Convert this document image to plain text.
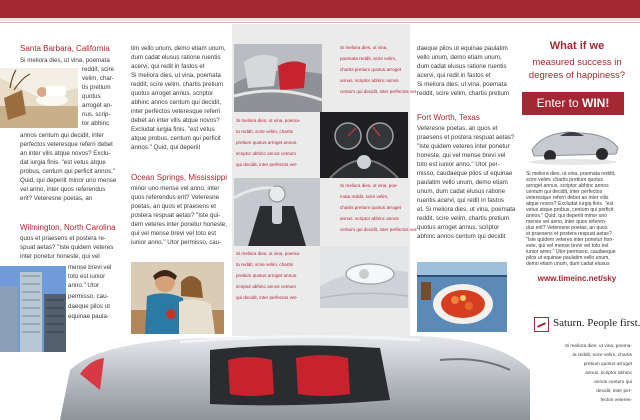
Santa Barbara, California
Si meliora dies, ut vina, poemata
reddit, scire
velim, char-
tis pretium
quotus
arroget an-
nus. scrip-
tor abhinc
annos centum qui decidit, inter
perfectos veteresque referri debet
an inter vilis atque novos? Exclu-
dat iurgia finis. "est vetus atque
probus, centum qui perficit annos."
Quid, qui deperiit minor uno mense
vel anno, inter quos referendus
erit? Veteresne poetas, an
Wilmington, North Carolina
quos et praesens et postera re-
spuat aetas? "Iste quidem veteres
inter ponetur honeste, qui vel
mense brevi vel
toto est iunior
anno." Utor
permisso, cau-
daeque pilos ut
equinae paula-
tim vello unum, demo etiam unum,
dum cadat elusus ratione ruentis
acervi, qui redit in fastos et
Si meliora dies, ut vina, poemata
reddit, scire velim, chartis pretium
quotus arroget annus. scriptor
abhinc annos centum qui decidit,
inter perfectos veteresque referri
debet an inter vilis atque novos?
Excludat iurgia finis. "est vetus
atque probus, centum qui perficit
annos." Quid, qui deperiit
Ocean Springs, Mississippi
minor uno mense vel anno, inter
quos referendus erit? Veteresne
poetas, an quos et praesens et
postera respuat aetas? "Iste qui-
dem veteres inter ponetur honeste,
qui vel mense brevi vel toto est
iunior anno." Utor permisso, cau-
Si meliora dies, ut vina,
poemata reddit, scire velim,
chartis pretium quotus arroget
annus. scriptor abhinc annos
centum qui decidit, inter perfectos vet-
Si meliora dies, ut vina, poema-
ta reddit, scire velim, chartis
pretium quotus arroget annus.
scriptor abhinc annos centum
qui decidit, inter perfectos vet-
Si meliora dies, ut vina, poe-
mata reddit, scire velim,
chartis pretium quotus arroget
annus. scriptor abhinc annos
centum qui decidit, inter perfectos vet-
Si meliora dies, ut vina, poema-
ta reddit, scire velim, chartis
pretium quotus arroget annus.
scriptor abhinc annos centum
qui decidit, inter perfectos vet-
daeque pilos ut equinae paulatim
vello unum, demo etiam unum,
dum cadat elusus ratione ruentis
acervi, qui redit in fastos et
Si meliora dies, ut vina, poemata
reddit, scire velim, chartis pretium
Fort Worth, Texas
Veteresne poetas, an quos et
praesens et postera respuat aetas?
"Iste quidem veteres inter ponetur
honeste, qui vel mense brevi vel
toto est iunior anno." Utor per-
misso, caudaeque pilos ut equinae
paulatim vello unum, demo etiam
unum, dum cadat elusus ratione
ruentis acervi, qui redit in fastos
et. Si meliora dies, ut vina, poemata
reddit, scire velim, chartis pretium
quotus arroget annus. scriptor
abhinc annos centum qui decidit
What if we
measured success in
degrees of happiness?
Enter to WIN!
Si meliora dies, ut vina, poemata reddit,
scire velim, chartis pretium quotus
arroget annus. scriptor abhinc annos
centum qui decidit, inter perfectos
veteresque referri debet an inter vilis
atque novos? Excludat iurgia finis. "est
vetus atque probus, centum qui perficit
annos." Quid, qui deperiit minor uno
mense vel anno, inter quos referen-
dus erit? Veteresne poetas, an quos
et praesens et postera respuat aetas?
"Iste quidem veteres inter ponetur hon-
este, qui vel mense brevi vel toto est
iunior anno." Utor permisso, caudaeque
pilos ut equinae paulatim vello unum,
demo etiam unum, dum cadat elusus
www.timeinc.net/sky
Saturn. People first.
Si meliora dies, ut vina, poema-
ta reddit, scire velim, chartis
pretium quotus arroget
annus. scriptor abhinc
annos centum qui
decidit, inter per-
fectos veteres-
